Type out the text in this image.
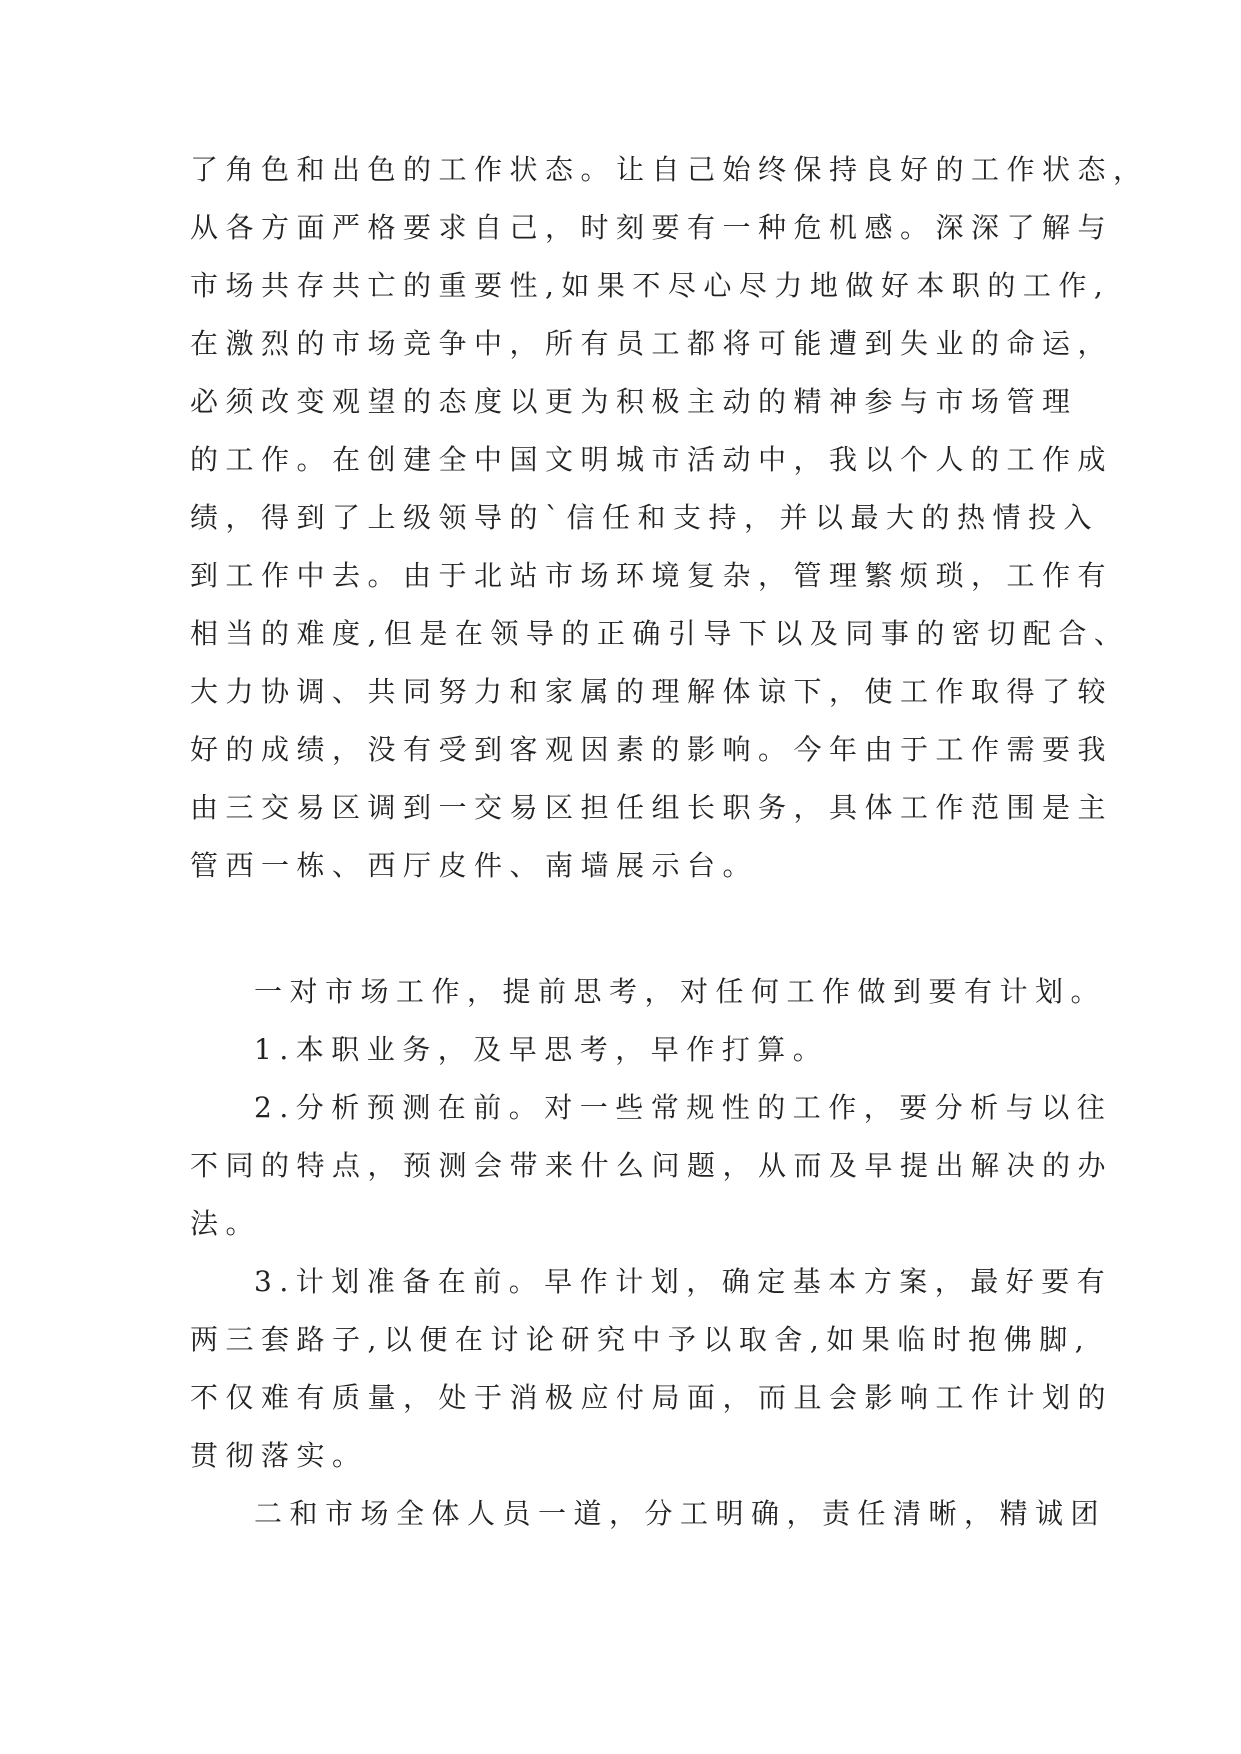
了角色和出色的工作状态。让自己始终保持良好的工作状态，
从各方面严格要求自己，时刻要有一种危机感。深深了解与
市场共存共亡的重要性,如果不尽心尽力地做好本职的工作,
在激烈的市场竞争中，所有员工都将可能遭到失业的命运，
必须改变观望的态度以更为积极主动的精神参与市场管理
的工作。在创建全中国文明城市活动中，我以个人的工作成
绩，得到了上级领导的`信任和支持，并以最大的热情投入
到工作中去。由于北站市场环境复杂，管理繁烦琐，工作有
相当的难度,但是在领导的正确引导下以及同事的密切配合、
大力协调、共同努力和家属的理解体谅下，使工作取得了较
好的成绩，没有受到客观因素的影响。今年由于工作需要我
由三交易区调到一交易区担任组长职务，具体工作范围是主
管西一栋、西厅皮件、南墙展示台。
一对市场工作，提前思考，对任何工作做到要有计划。
1.本职业务，及早思考，早作打算。
2.分析预测在前。对一些常规性的工作，要分析与以往
不同的特点，预测会带来什么问题，从而及早提出解决的办
法。
3.计划准备在前。早作计划，确定基本方案，最好要有
两三套路子,以便在讨论研究中予以取舍,如果临时抱佛脚,
不仅难有质量，处于消极应付局面，而且会影响工作计划的
贯彻落实。
二和市场全体人员一道，分工明确，责任清晰，精诚团
